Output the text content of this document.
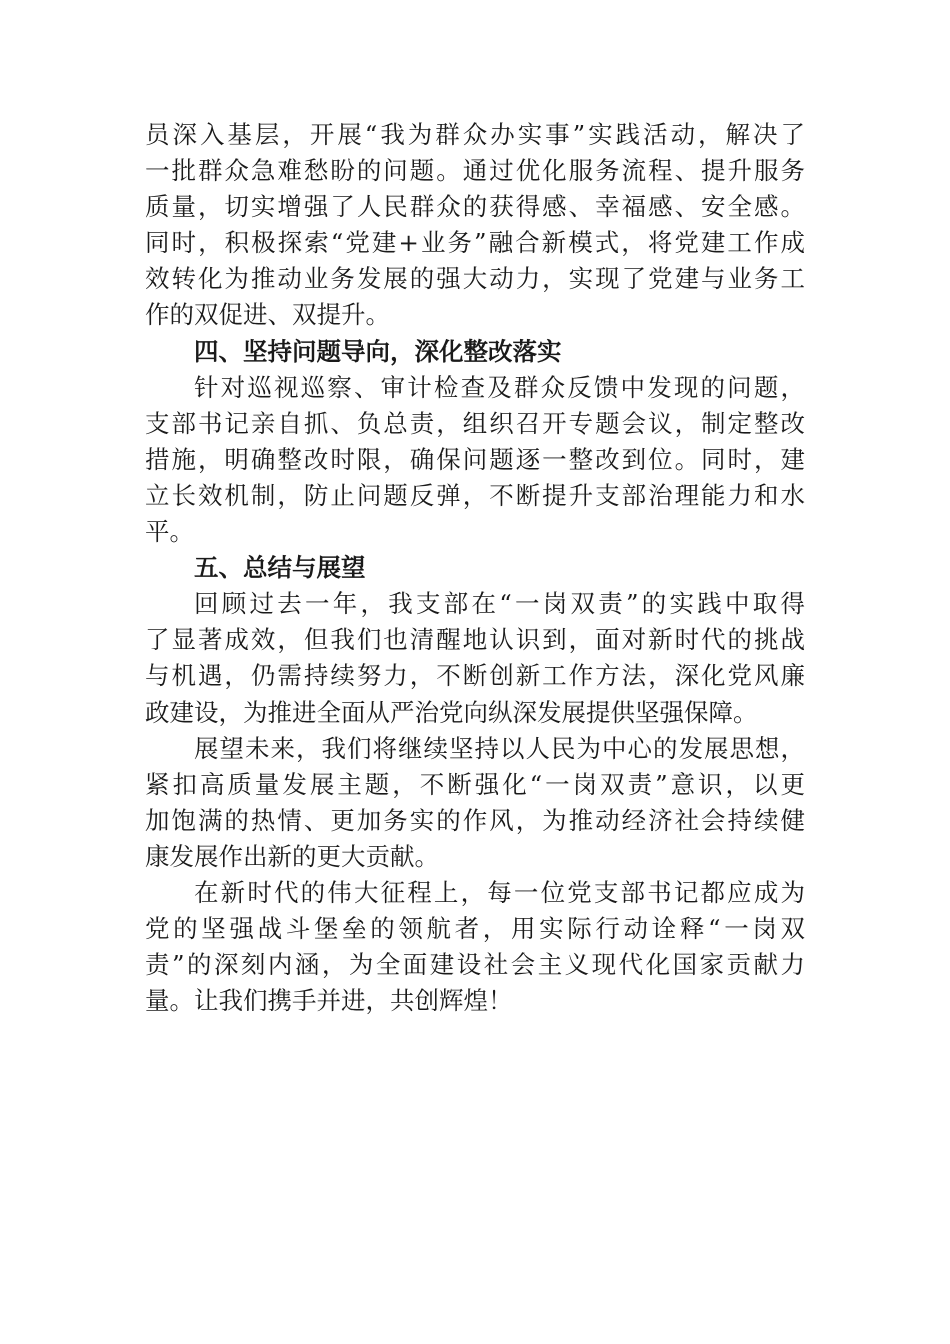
员深入基层，开展“我为群众办实事”实践活动，解决了
一批群众急难愁盼的问题。通过优化服务流程、提升服务
质量，切实增强了人民群众的获得感、幸福感、安全感。
同时，积极探索“党建+业务”融合新模式，将党建工作成
效转化为推动业务发展的强大动力，实现了党建与业务工
作的双促进、双提升。
四、坚持问题导向，深化整改落实
针对巡视巡察、审计检查及群众反馈中发现的问题，
支部书记亲自抓、负总责，组织召开专题会议，制定整改
措施，明确整改时限，确保问题逐一整改到位。同时，建
立长效机制，防止问题反弹，不断提升支部治理能力和水
平。
五、总结与展望
回顾过去一年，我支部在“一岗双责”的实践中取得
了显著成效，但我们也清醒地认识到，面对新时代的挑战
与机遇，仍需持续努力，不断创新工作方法，深化党风廉
政建设，为推进全面从严治党向纵深发展提供坚强保障。
展望未来，我们将继续坚持以人民为中心的发展思想，
紧扣高质量发展主题，不断强化“一岗双责”意识，以更
加饱满的热情、更加务实的作风，为推动经济社会持续健
康发展作出新的更大贡献。
在新时代的伟大征程上，每一位党支部书记都应成为
党的坚强战斗堡垒的领航者，用实际行动诠释“一岗双
责”的深刻内涵，为全面建设社会主义现代化国家贡献力
量。让我们携手并进，共创辉煌！
